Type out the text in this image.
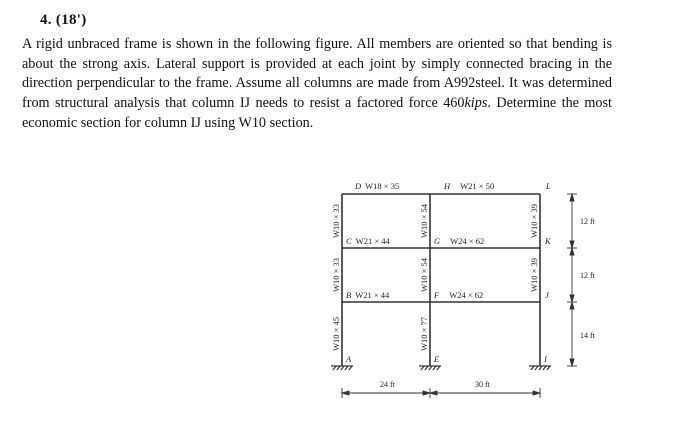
4. (18')
A rigid unbraced frame is shown in the following figure. All members are oriented so that bending is about the strong axis. Lateral support is provided at each joint by simply connected bracing in the direction perpendicular to the frame. Assume all columns are made from A992steel. It was determined from structural analysis that column IJ needs to resist a factored force 460kips. Determine the most economic section for column IJ using W10 section.
D W18 × 35	H W21 × 50	L
C W21 × 44	G W24 × 62	K
B W21 × 44	F W24 × 62	J
A	E	I
W10 × 33
W10 × 33
W10 × 45
W10 × 54
W10 × 54
W10 × 77
W10 × 39
W10 × 39
12 ft
12 ft
14 ft
24 ft	30 ft
